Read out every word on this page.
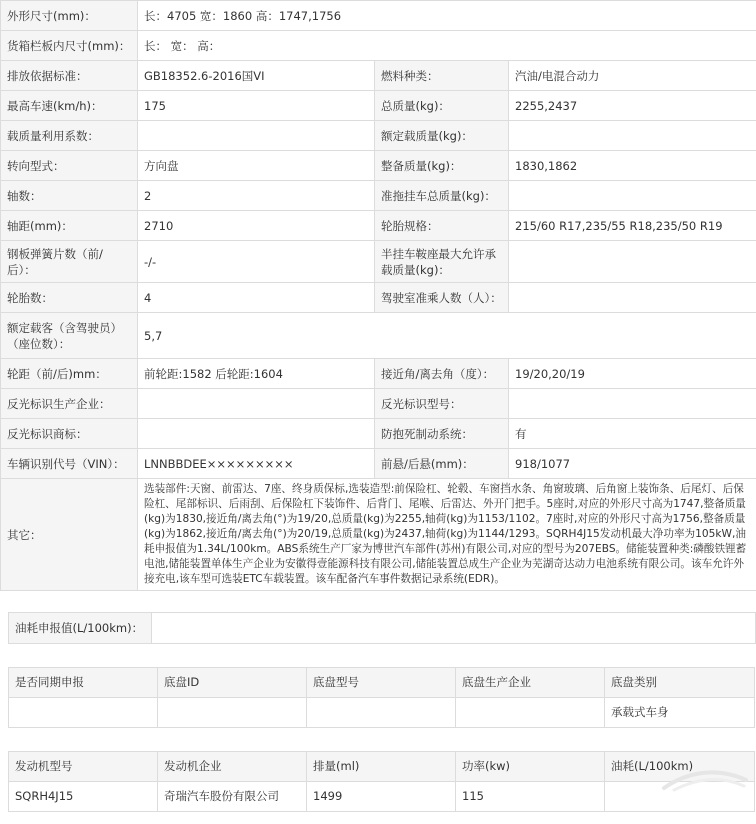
外形尺寸(mm)：	长：4705 宽：1860 高：1747,1756		
货箱栏板内尺寸(mm)：	长： 宽： 高：		
排放依据标准：	GB18352.6-2016国VI	燃料种类：	汽油/电混合动力
最高车速(km/h)：	175	总质量(kg)：	2255,2437
载质量利用系数：		额定载质量(kg)：	
转向型式：	方向盘	整备质量(kg)：	1830,1862
轴数：	2	准拖挂车总质量(kg)：	
轴距(mm)：	2710	轮胎规格：	215/60 R17,235/55 R18,235/50 R19
钢板弹簧片数（前/后）：	-/-	半挂车鞍座最大允许承载质量(kg)：	
轮胎数：	4	驾驶室准乘人数（人）：	
额定载客（含驾驶员）（座位数）：	5,7		
轮距（前/后)mm：	前轮距:1582 后轮距:1604	接近角/离去角（度）：	19/20,20/19
反光标识生产企业：		反光标识型号：	
反光标识商标：		防抱死制动系统：	有
车辆识别代号（VIN）：	LNNBBDEE×××××××××	前悬/后悬(mm)：	918/1077
其它：	选装部件:天窗、前雷达、7座、终身质保标,选装造型:前保险杠、轮毂、车窗挡水条、角窗玻璃、后角窗上装饰条、后尾灯、后保险杠、尾部标识、后雨刮、后保险杠下装饰件、后背门、尾喉、后雷达、外开门把手。5座时,对应的外形尺寸高为1747,整备质量(kg)为1830,接近角/离去角(°)为19/20,总质量(kg)为2255,轴荷(kg)为1153/1102。7座时,对应的外形尺寸高为1756,整备质量(kg)为1862,接近角/离去角(°)为20/19,总质量(kg)为2437,轴荷(kg)为1144/1293。SQRH4J15发动机最大净功率为105kW,油耗申报值为1.34L/100km。ABS系统生产厂家为博世汽车部件(苏州)有限公司,对应的型号为207EBS。储能装置种类:磷酸铁锂蓄电池,储能装置单体生产企业为安徽得壹能源科技有限公司,储能装置总成生产企业为芜湖奇达动力电池系统有限公司。该车允许外接充电,该车型可选装ETC车载装置。该车配备汽车事件数据记录系统(EDR)。		
油耗申报值(L/100km)：
是否同期申报	底盘ID	底盘型号	底盘生产企业	底盘类别
				承载式车身
发动机型号	发动机企业	排量(ml)	功率(kw)	油耗(L/100km)
SQRH4J15	奇瑞汽车股份有限公司	1499	115	
